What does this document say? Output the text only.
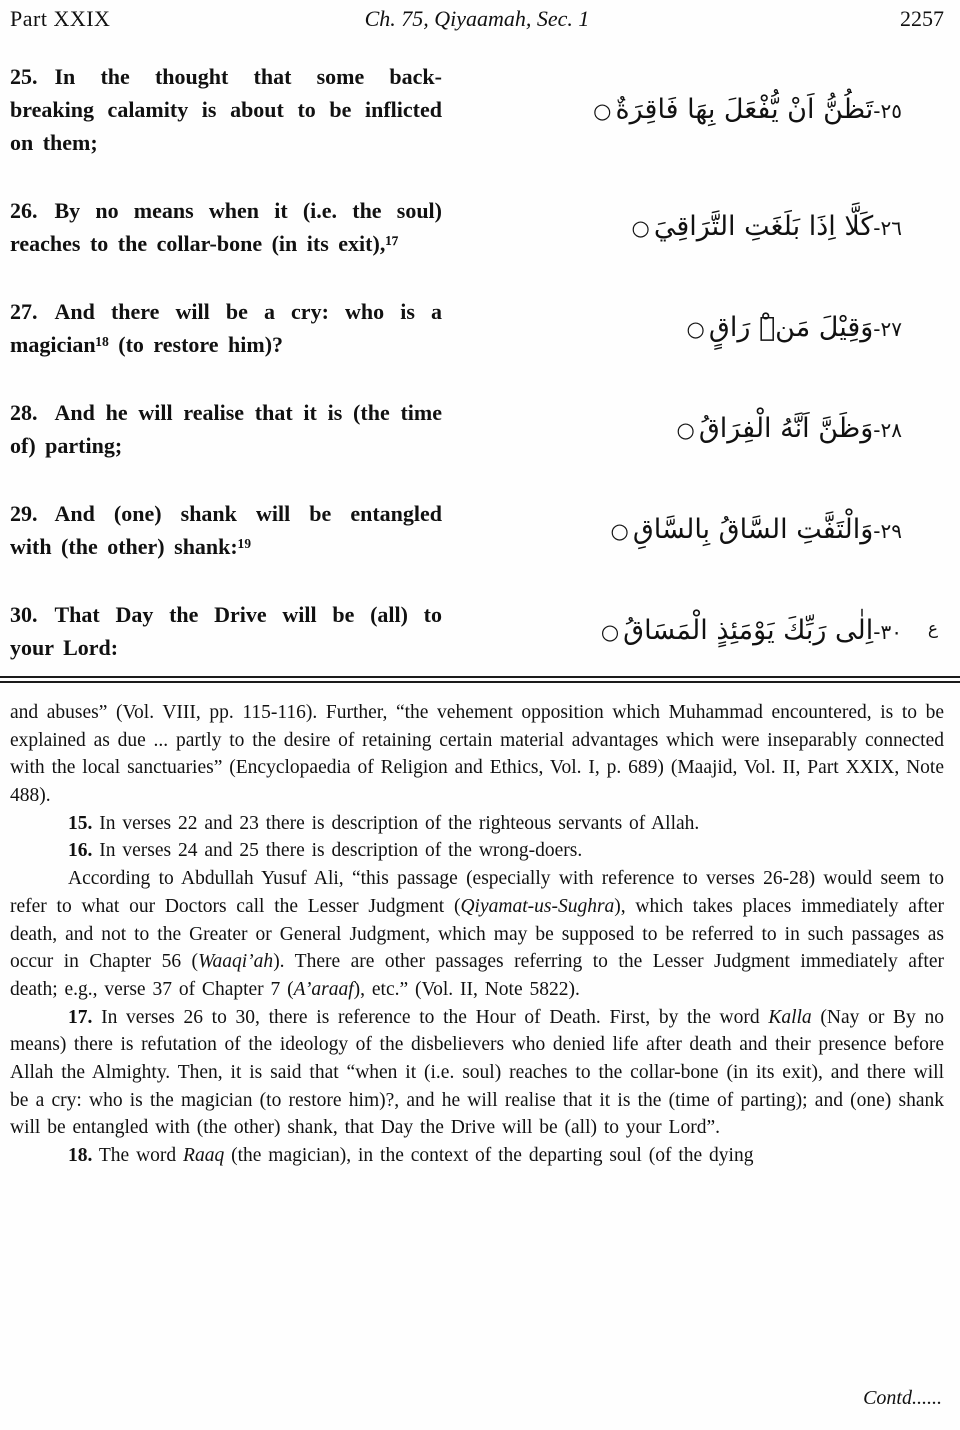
Part XXIX	Ch. 75, Qiyaamah, Sec. 1	2257
25. In the thought that some back-breaking calamity is about to be inflicted on them;
٢٥-تَظُنُّ اَنْ يُّفْعَلَ بِهَا فَاقِرَةٌ○
26. By no means when it (i.e. the soul) reaches to the collar-bone (in its exit),¹⁷
٢٦-كَلَّا اِذَا بَلَغَتِ التَّرَاقِيَ○
27. And there will be a cry: who is a magician¹⁸ (to restore him)?
٢٧-وَقِيْلَ مَنْۜ رَاقٍ○
28. And he will realise that it is (the time of) parting;
٢٨-وَظَنَّ اَنَّهُ الْفِرَاقُ○
29. And (one) shank will be entangled with (the other) shank:¹⁹
٢٩-وَالْتَفَّتِ السَّاقُ بِالسَّاقِ○
30. That Day the Drive will be (all) to your Lord:
ع
٣٠-اِلٰى رَبِّكَ يَوْمَئِذٍ الْمَسَاقُ○

and abuses” (Vol. VIII, pp. 115-116). Further, “the vehement opposition which Muhammad encountered, is to be explained as due ... partly to the desire of retaining certain material advantages which were inseparably connected with the local sanctuaries” (Encyclopaedia of Religion and Ethics, Vol. I, p. 689) (Maajid, Vol. II, Part XXIX, Note 488).

15. In verses 22 and 23 there is description of the righteous servants of Allah.

16. In verses 24 and 25 there is description of the wrong-doers.

According to Abdullah Yusuf Ali, “this passage (especially with reference to verses 26-28) would seem to refer to what our Doctors call the Lesser Judgment (Qiyamat-us-Sughra), which takes places immediately after death, and not to the Greater or General Judgment, which may be supposed to be referred to in such passages as occur in Chapter 56 (Waaqi’ah). There are other passages referring to the Lesser Judgment immediately after death; e.g., verse 37 of Chapter 7 (A’araaf), etc.” (Vol. II, Note 5822).

17. In verses 26 to 30, there is reference to the Hour of Death. First, by the word Kalla (Nay or By no means) there is refutation of the ideology of the disbelievers who denied life after death and their presence before Allah the Almighty. Then, it is said that “when it (i.e. soul) reaches to the collar-bone (in its exit), and there will be a cry: who is the magician (to restore him)?, and he will realise that it is the (time of parting); and (one) shank will be entangled with (the other) shank, that Day the Drive will be (all) to your Lord”.

18. The word Raaq (the magician), in the context of the departing soul (of the dying

Contd......
